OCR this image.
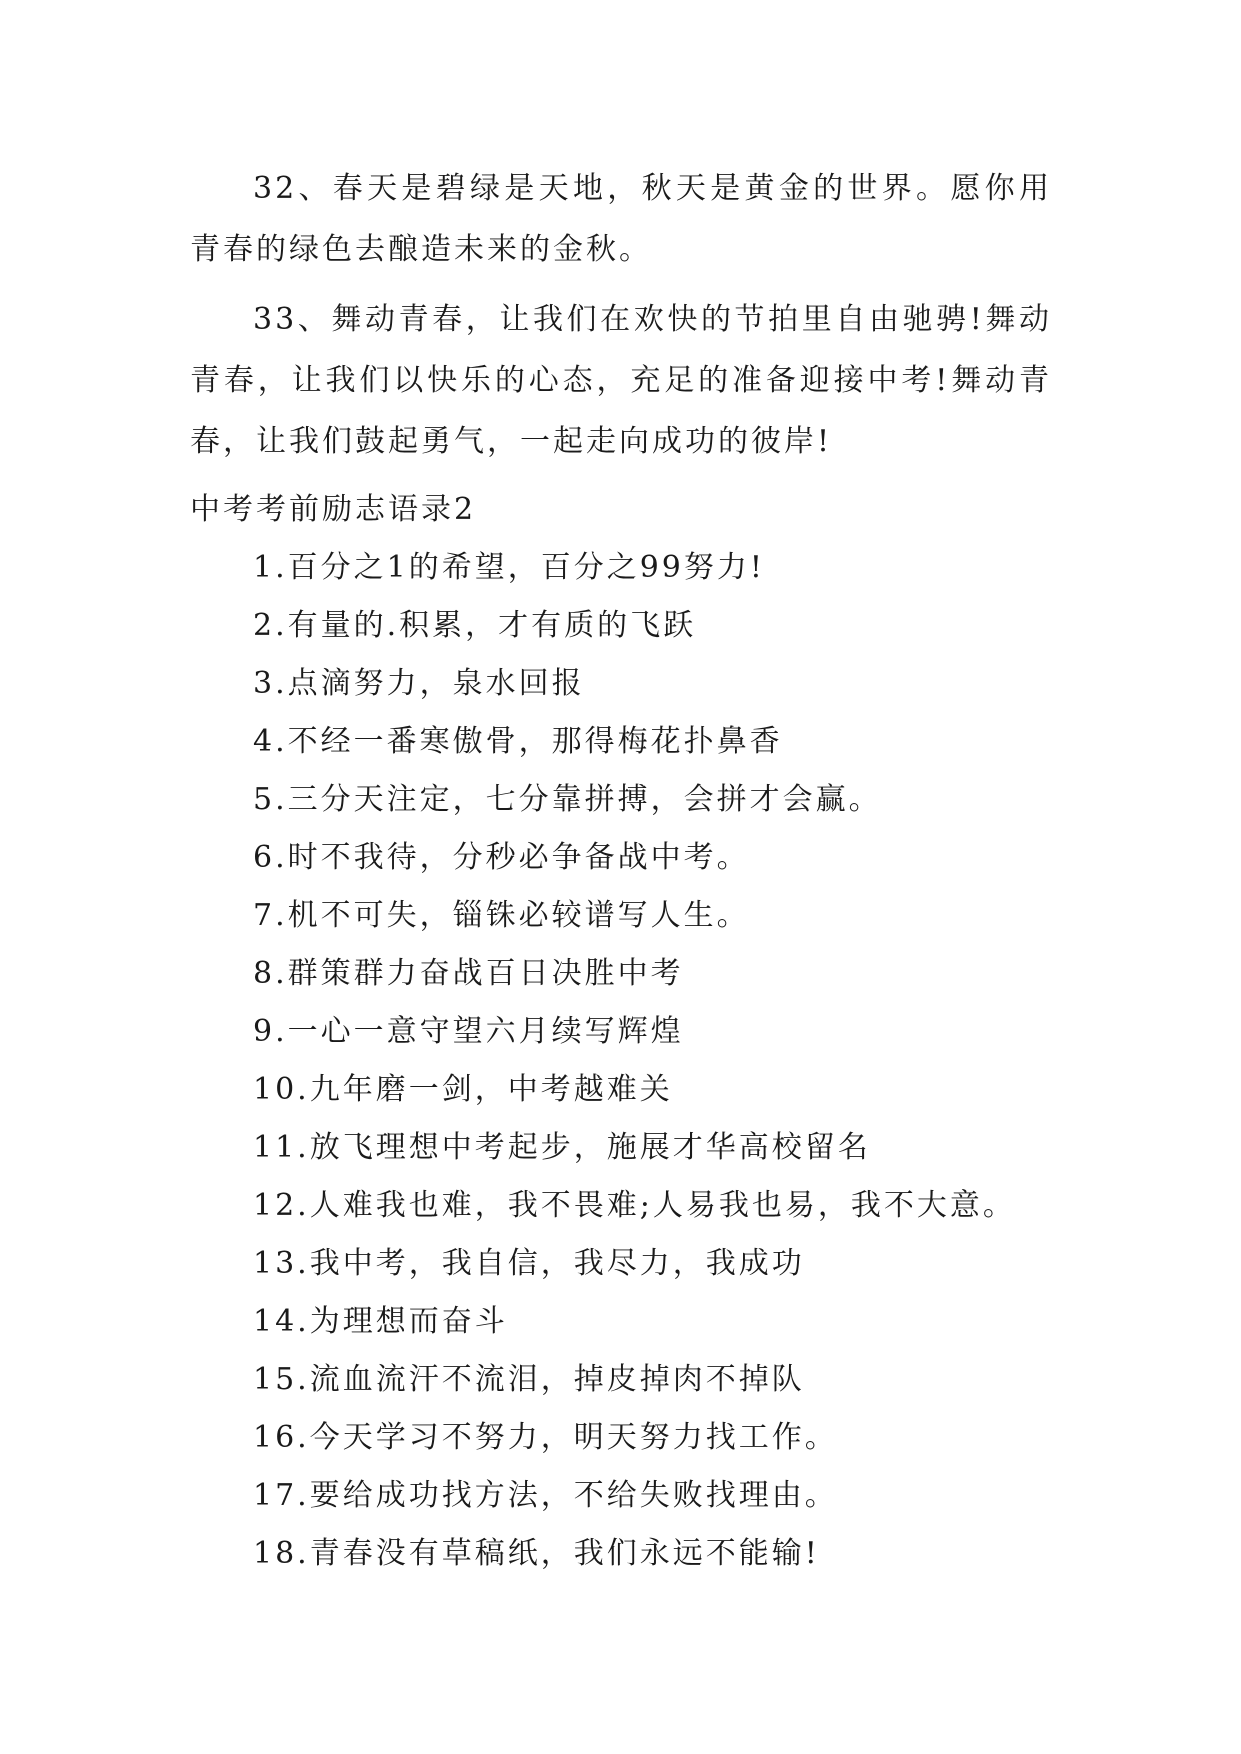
32、春天是碧绿是天地，秋天是黄金的世界。愿你用青春的绿色去酿造未来的金秋。

33、舞动青春，让我们在欢快的节拍里自由驰骋!舞动青春，让我们以快乐的心态，充足的准备迎接中考!舞动青春，让我们鼓起勇气，一起走向成功的彼岸!

中考考前励志语录2
1.百分之1的希望，百分之99努力!
2.有量的.积累，才有质的飞跃
3.点滴努力，泉水回报
4.不经一番寒傲骨，那得梅花扑鼻香
5.三分天注定，七分靠拼搏，会拼才会赢。
6.时不我待，分秒必争备战中考。
7.机不可失，锱铢必较谱写人生。
8.群策群力奋战百日决胜中考
9.一心一意守望六月续写辉煌
10.九年磨一剑，中考越难关
11.放飞理想中考起步，施展才华高校留名
12.人难我也难，我不畏难;人易我也易，我不大意。
13.我中考，我自信，我尽力，我成功
14.为理想而奋斗
15.流血流汗不流泪，掉皮掉肉不掉队
16.今天学习不努力，明天努力找工作。
17.要给成功找方法，不给失败找理由。
18.青春没有草稿纸，我们永远不能输!
